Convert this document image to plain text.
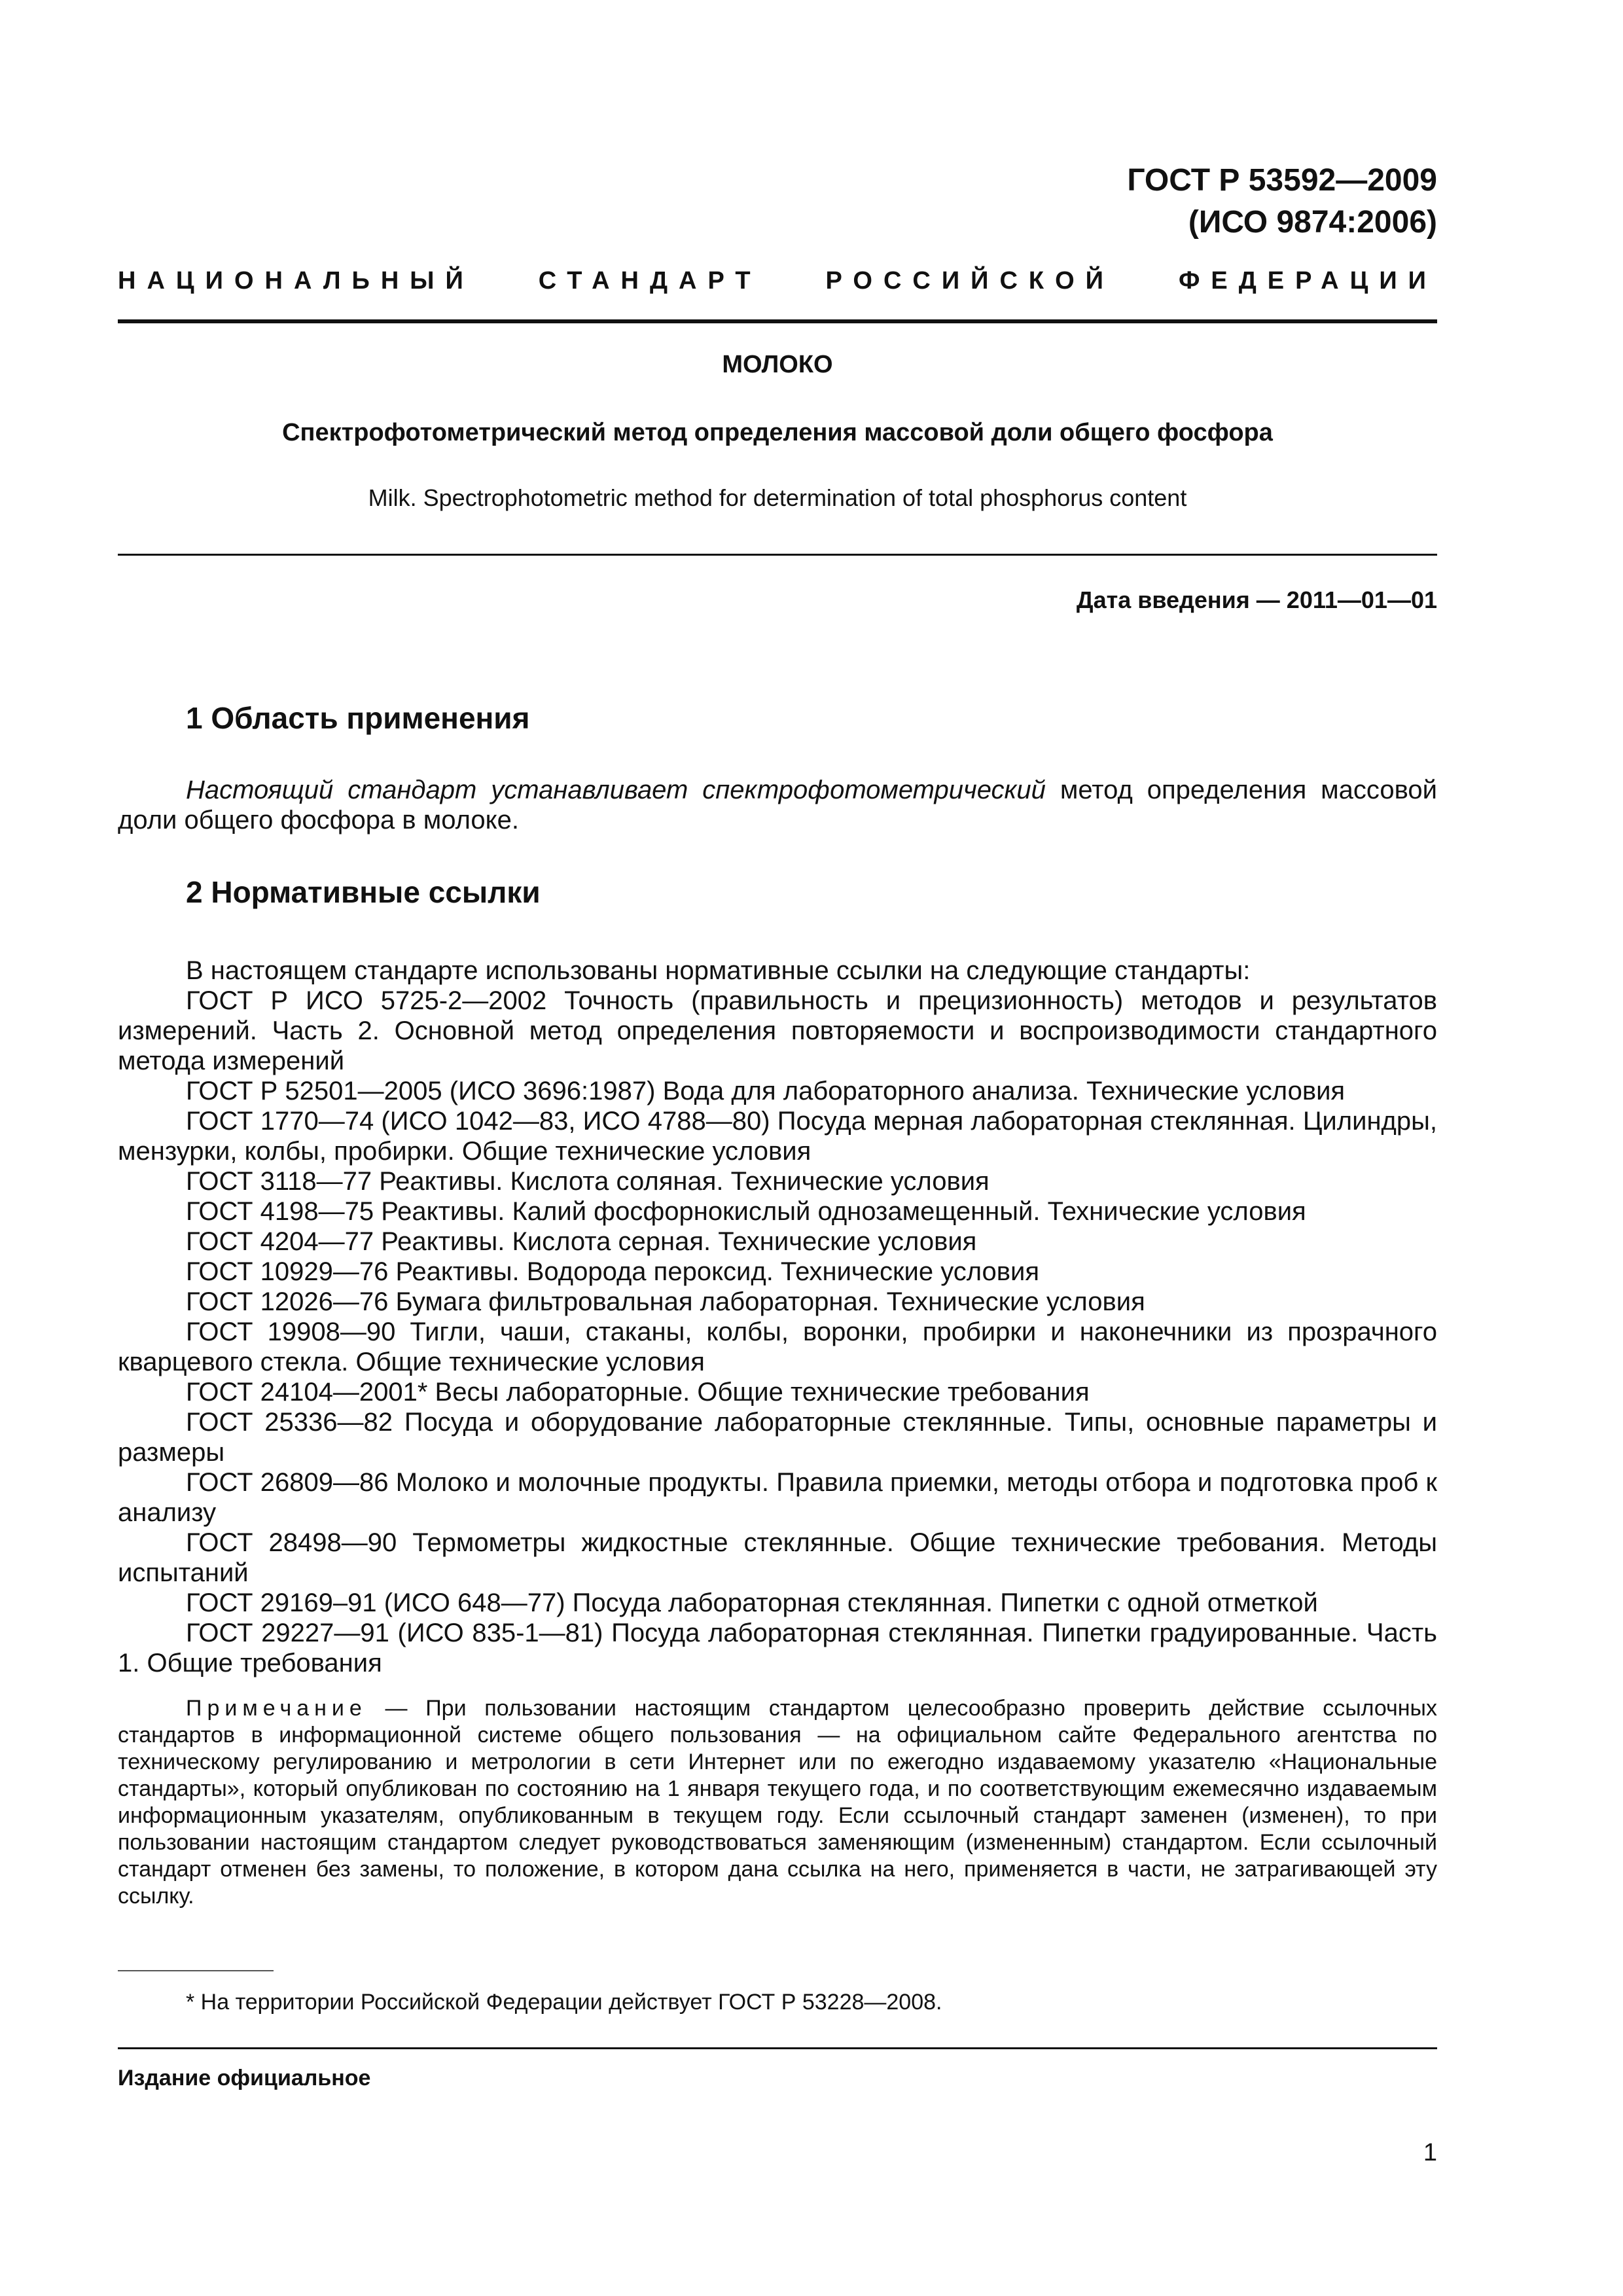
ГОСТ Р 53592—2009
(ИСО 9874:2006)
НАЦИОНАЛЬНЫЙ	СТАНДАРТ	РОССИЙСКОЙ	ФЕДЕРАЦИИ
МОЛОКО
Спектрофотометрический метод определения массовой доли общего фосфора
Milk. Spectrophotometric method for determination of total phosphorus content
Дата введения — 2011—01—01
1 Область применения
Настоящий стандарт устанавливает спектрофотометрический метод определения массовой доли общего фосфора в молоке.
2 Нормативные ссылки

В настоящем стандарте использованы нормативные ссылки на следующие стандарты:

ГОСТ Р ИСО 5725-2—2002 Точность (правильность и прецизионность) методов и результатов измерений. Часть 2. Основной метод определения повторяемости и воспроизводимости стандартного метода измерений

ГОСТ Р 52501—2005 (ИСО 3696:1987) Вода для лабораторного анализа. Технические условия

ГОСТ 1770—74 (ИСО 1042—83, ИСО 4788—80) Посуда мерная лабораторная стеклянная. Цилиндры, мензурки, колбы, пробирки. Общие технические условия

ГОСТ 3118—77 Реактивы. Кислота соляная. Технические условия

ГОСТ 4198—75 Реактивы. Калий фосфорнокислый однозамещенный. Технические условия

ГОСТ 4204—77 Реактивы. Кислота серная. Технические условия

ГОСТ 10929—76 Реактивы. Водорода пероксид. Технические условия

ГОСТ 12026—76 Бумага фильтровальная лабораторная. Технические условия

ГОСТ 19908—90 Тигли, чаши, стаканы, колбы, воронки, пробирки и наконечники из прозрачного кварцевого стекла. Общие технические условия

ГОСТ 24104—2001* Весы лабораторные. Общие технические требования

ГОСТ 25336—82 Посуда и оборудование лабораторные стеклянные. Типы, основные параметры и размеры

ГОСТ 26809—86 Молоко и молочные продукты. Правила приемки, методы отбора и подготовка проб к анализу

ГОСТ 28498—90 Термометры жидкостные стеклянные. Общие технические требования. Методы испытаний

ГОСТ 29169–91 (ИСО 648—77) Посуда лабораторная стеклянная. Пипетки с одной отметкой

ГОСТ 29227—91 (ИСО 835-1—81) Посуда лабораторная стеклянная. Пипетки градуированные. Часть 1. Общие требования

Примечание — При пользовании настоящим стандартом целесообразно проверить действие ссылочных стандартов в информационной системе общего пользования — на официальном сайте Федерального агентства по техническому регулированию и метрологии в сети Интернет или по ежегодно издаваемому указателю «Национальные стандарты», который опубликован по состоянию на 1 января текущего года, и по соответствующим ежемесячно издаваемым информационным указателям, опубликованным в текущем году. Если ссылочный стандарт заменен (изменен), то при пользовании настоящим стандартом следует руководствоваться заменяющим (измененным) стандартом. Если ссылочный стандарт отменен без замены, то положение, в котором дана ссылка на него, применяется в части, не затрагивающей эту ссылку.

* На территории Российской Федерации действует ГОСТ Р 53228—2008.
Издание официальное
1
